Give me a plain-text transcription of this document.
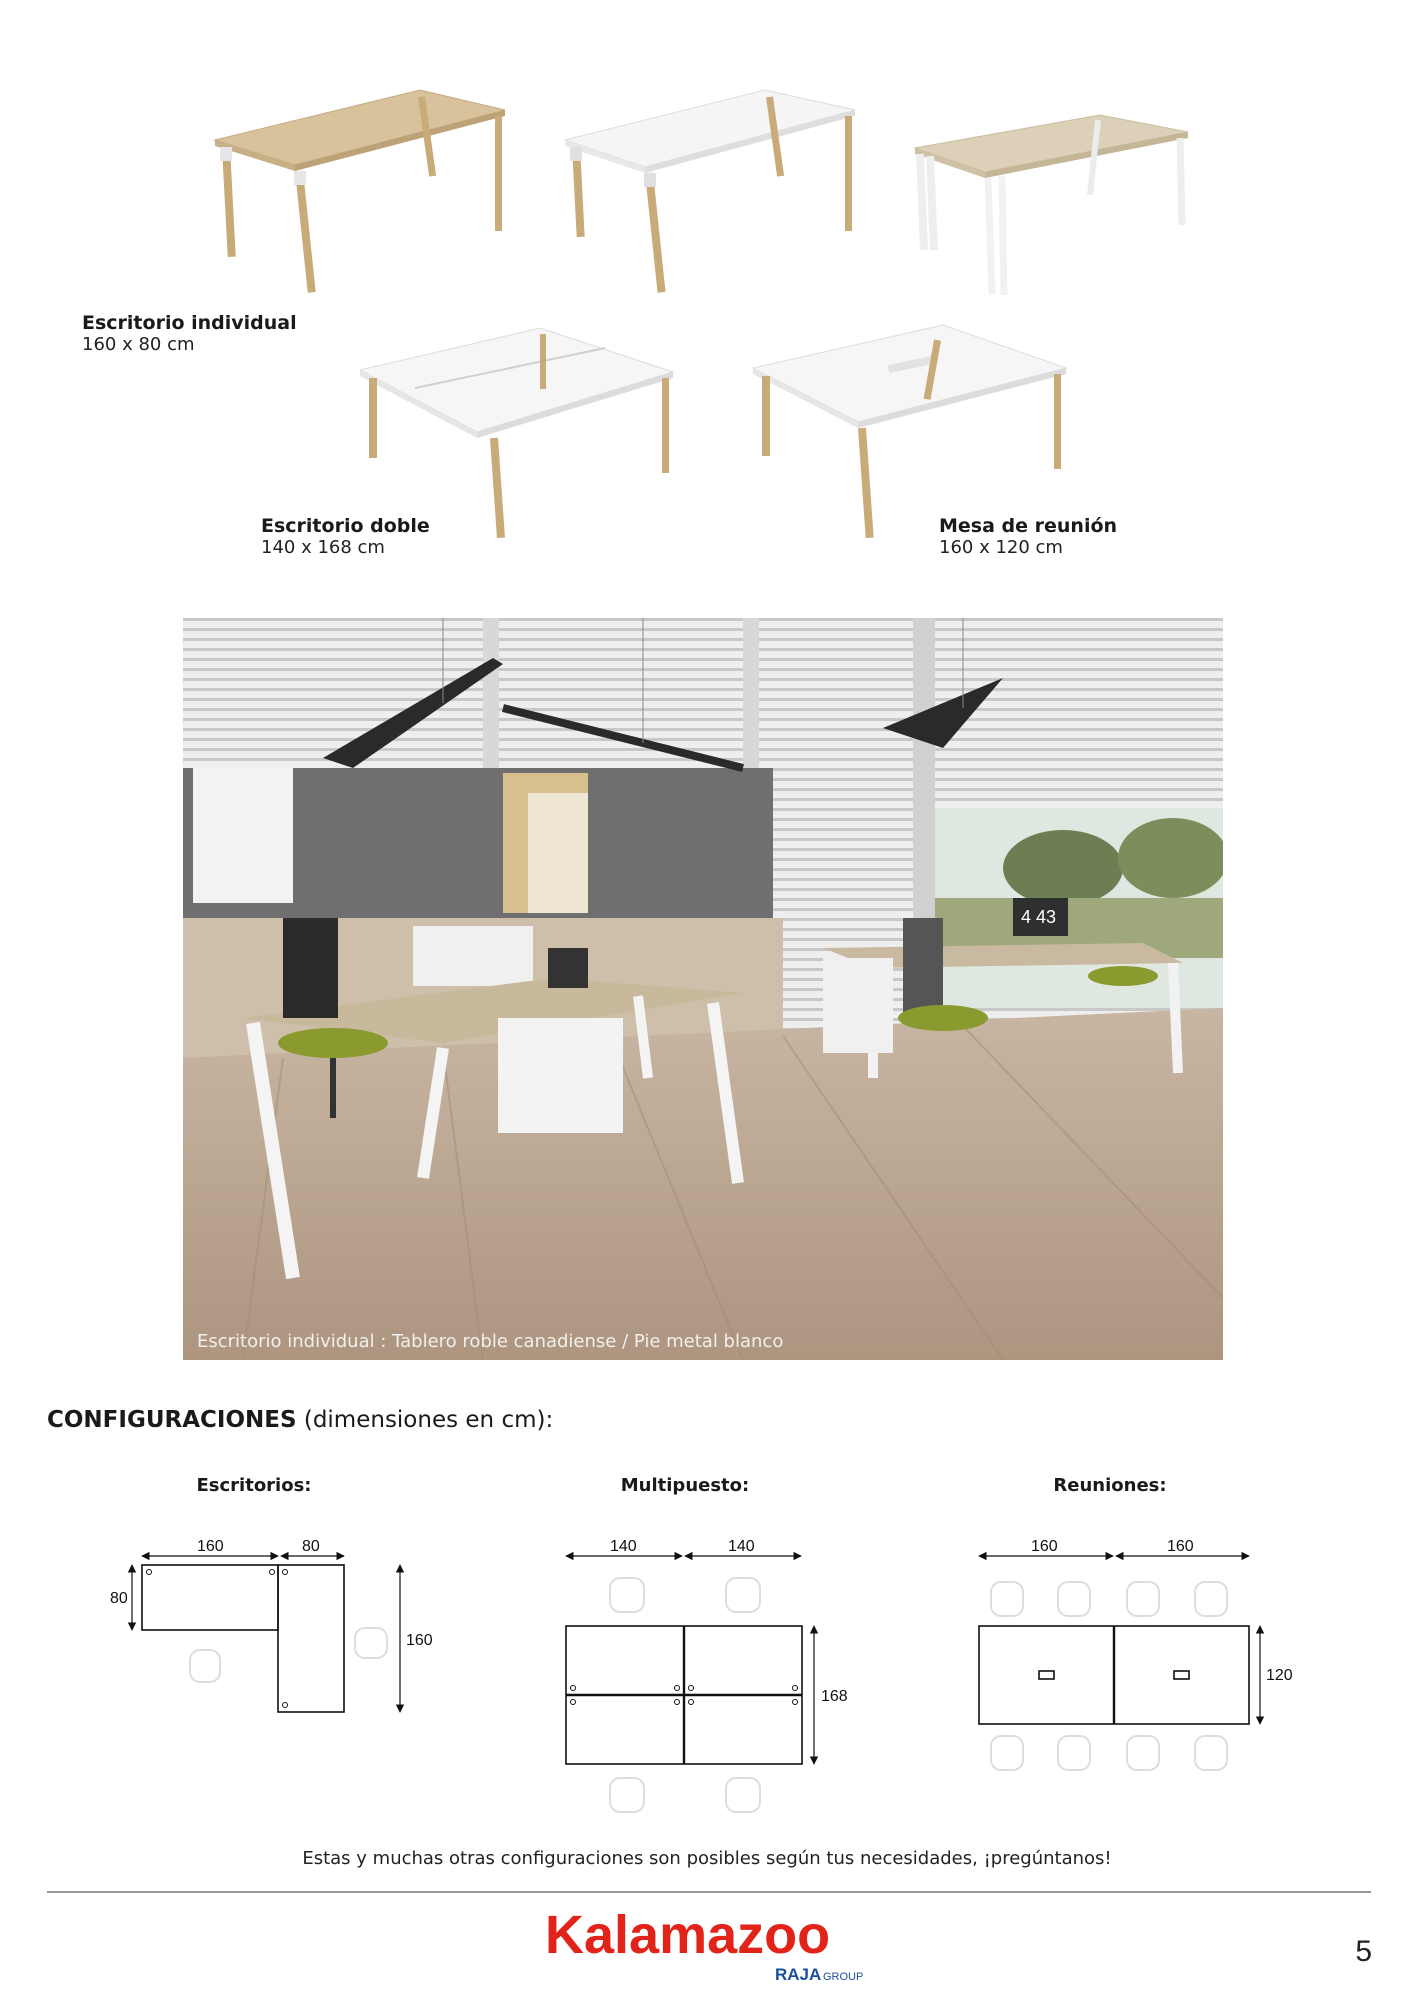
Escritorio individual
160 x 80 cm
Escritorio doble
140 x 168 cm
Mesa de reunión
160 x 120 cm
4 43
Escritorio individual : Tablero roble canadiense / Pie metal blanco
CONFIGURACIONES (dimensiones en cm):
Escritorios:	Multipuesto:	Reuniones:
160	80
80
160
140	140
168
160	160
120
Estas y muchas otras configuraciones son posibles según tus necesidades, ¡pregúntanos!
Kalamazoo
RAJA GROUP
5
